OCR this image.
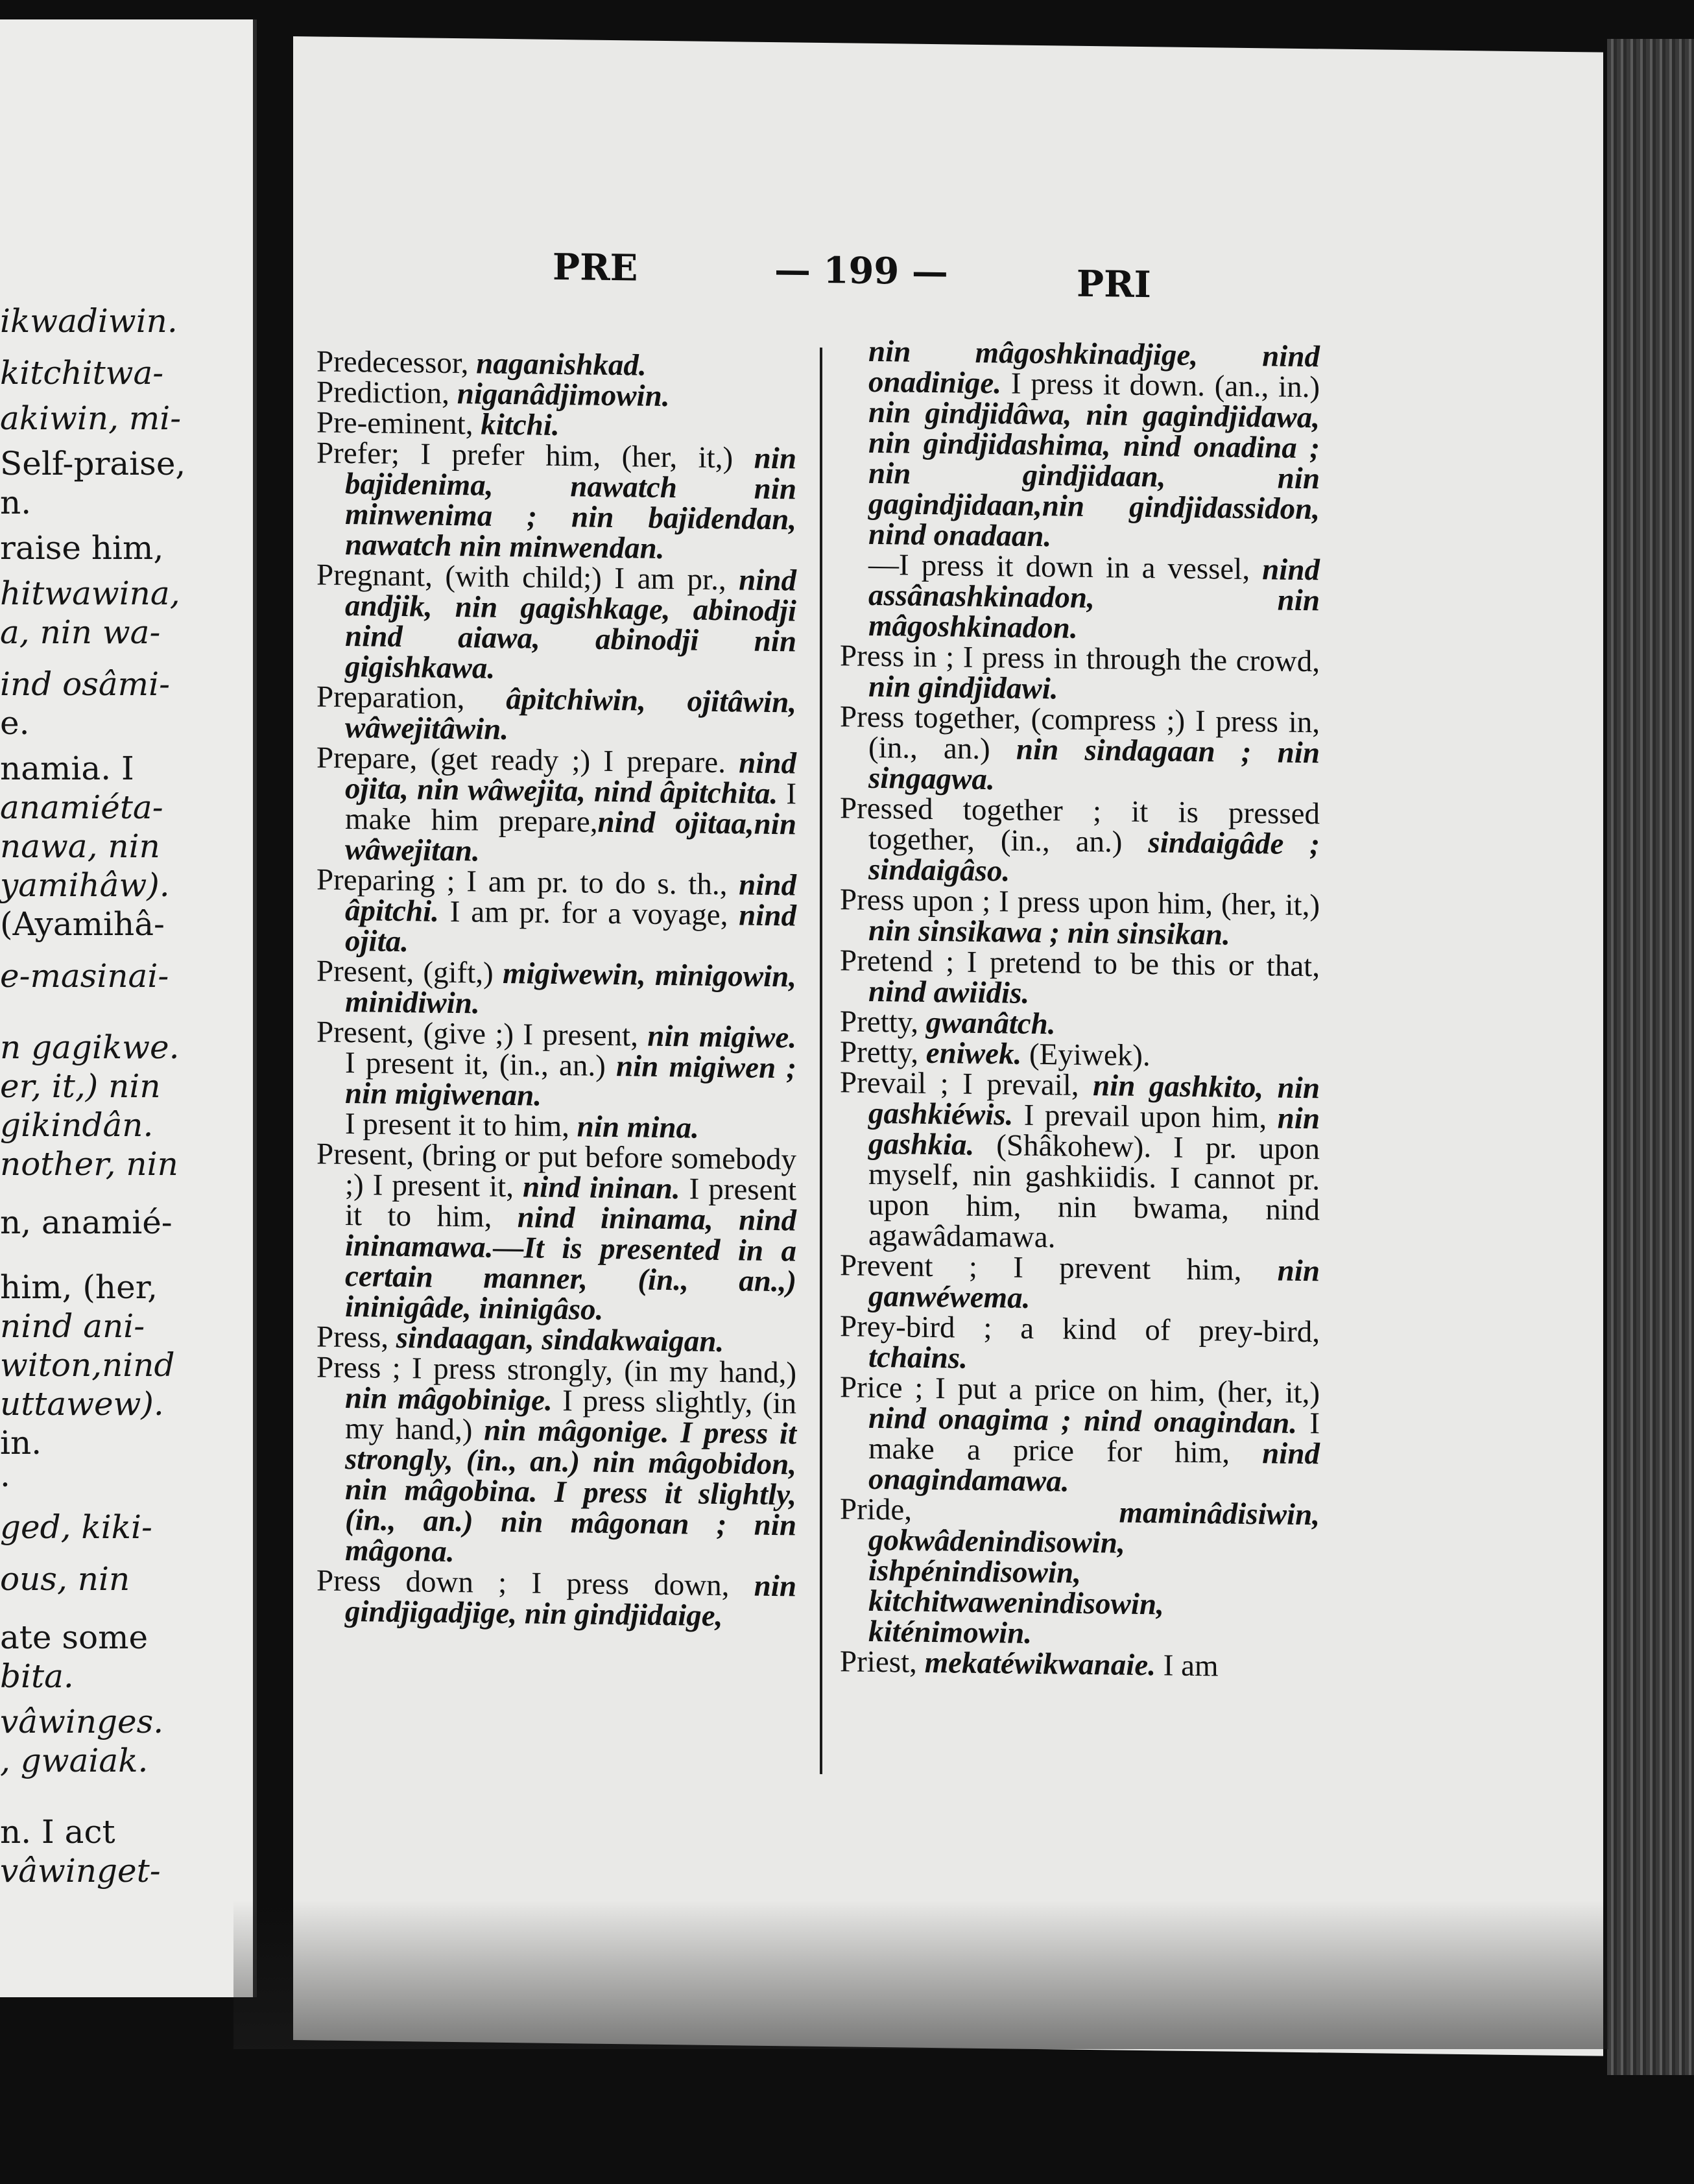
ikwadiwin.
kitchitwa-
akiwin, mi-
Self-praise,
n.
raise him,
hitwawina,
a, nin wa-
ind osâmi-
e.
namia. I
anamiéta-
nawa, nin
yamihâw).
(Ayamihâ-
e-masinai-
n gagikwe.
er, it,) nin
gikindân.
nother, nin
n, anamié-
him, (her,
nind ani-
witon,nind
uttawew).
in.
.
ged, kiki-
ous, nin
ate some
bita.
vâwinges.
, gwaiak.
n. I act
vâwinget-
PRE	— 199 —	PRI
Predecessor, naganishkad.
Prediction, niganâdjimowin.
Pre-eminent, kitchi.
Prefer; I prefer him, (her, it,) nin bajidenima, nawatch nin minwenima ; nin bajidendan, nawatch nin minwendan.
Pregnant, (with child;) I am pr., nind andjik, nin gagishkage, abinodji nind aiawa, abinodji nin gigishkawa.
Preparation, âpitchiwin, ojitâwin, wâwejitâwin.
Prepare, (get ready ;) I prepare. nind ojita, nin wâwejita, nind âpitchita. I make him prepare,nind ojitaa,nin wâwejitan.
Preparing ; I am pr. to do s. th., nind âpitchi. I am pr. for a voyage, nind ojita.
Present, (gift,) migiwewin, minigowin, minidiwin.
Present, (give ;) I present, nin migiwe. I present it, (in., an.) nin migiwen ; nin migiwenan.
I present it to him, nin mina.
Present, (bring or put before somebody ;) I present it, nind ininan. I present it to him, nind ininama, nind ininamawa.—It is presented in a certain manner, (in., an.,) ininigâde, ininigâso.
Press, sindaagan, sindakwaigan.
Press ; I press strongly, (in my hand,) nin mâgobinige. I press slightly, (in my hand,) nin mâgonige. I press it strongly, (in., an.) nin mâgobidon, nin mâgobina. I press it slightly, (in., an.) nin mâgonan ; nin mâgona.
Press down ; I press down, nin gindjigadjige, nin gindjidaige,
nin mâgoshkinadjige, nind onadinige. I press it down. (an., in.) nin gindjidâwa, nin gagindjidawa, nin gindjidashima, nind onadina ; nin gindjidaan, nin gagindjidaan,nin gindjidassidon, nind onadaan.
—I press it down in a vessel, nind assânashkinadon, nin mâgoshkinadon.
Press in ; I press in through the crowd, nin gindjidawi.
Press together, (compress ;) I press in, (in., an.) nin sindagaan ; nin singagwa.
Pressed together ; it is pressed together, (in., an.) sindaigâde ; sindaigâso.
Press upon ; I press upon him, (her, it,) nin sinsikawa ; nin sinsikan.
Pretend ; I pretend to be this or that, nind awiidis.
Pretty, gwanâtch.
Pretty, eniwek. (Eyiwek).
Prevail ; I prevail, nin gashkito, nin gashkiéwis. I prevail upon him, nin gashkia. (Shâkohew). I pr. upon myself, nin gashkiidis. I cannot pr. upon him, nin bwama, nind agawâdamawa.
Prevent ; I prevent him, nin ganwéwema.
Prey-bird ; a kind of prey-bird, tchains.
Price ; I put a price on him, (her, it,) nind onagima ; nind onagindan. I make a price for him, nind onagindamawa.
Pride, maminâdisiwin, gokwâdenindisowin, ishpénindisowin, kitchitwawenindisowin, kiténimowin.
Priest, mekatéwikwanaie. I am
